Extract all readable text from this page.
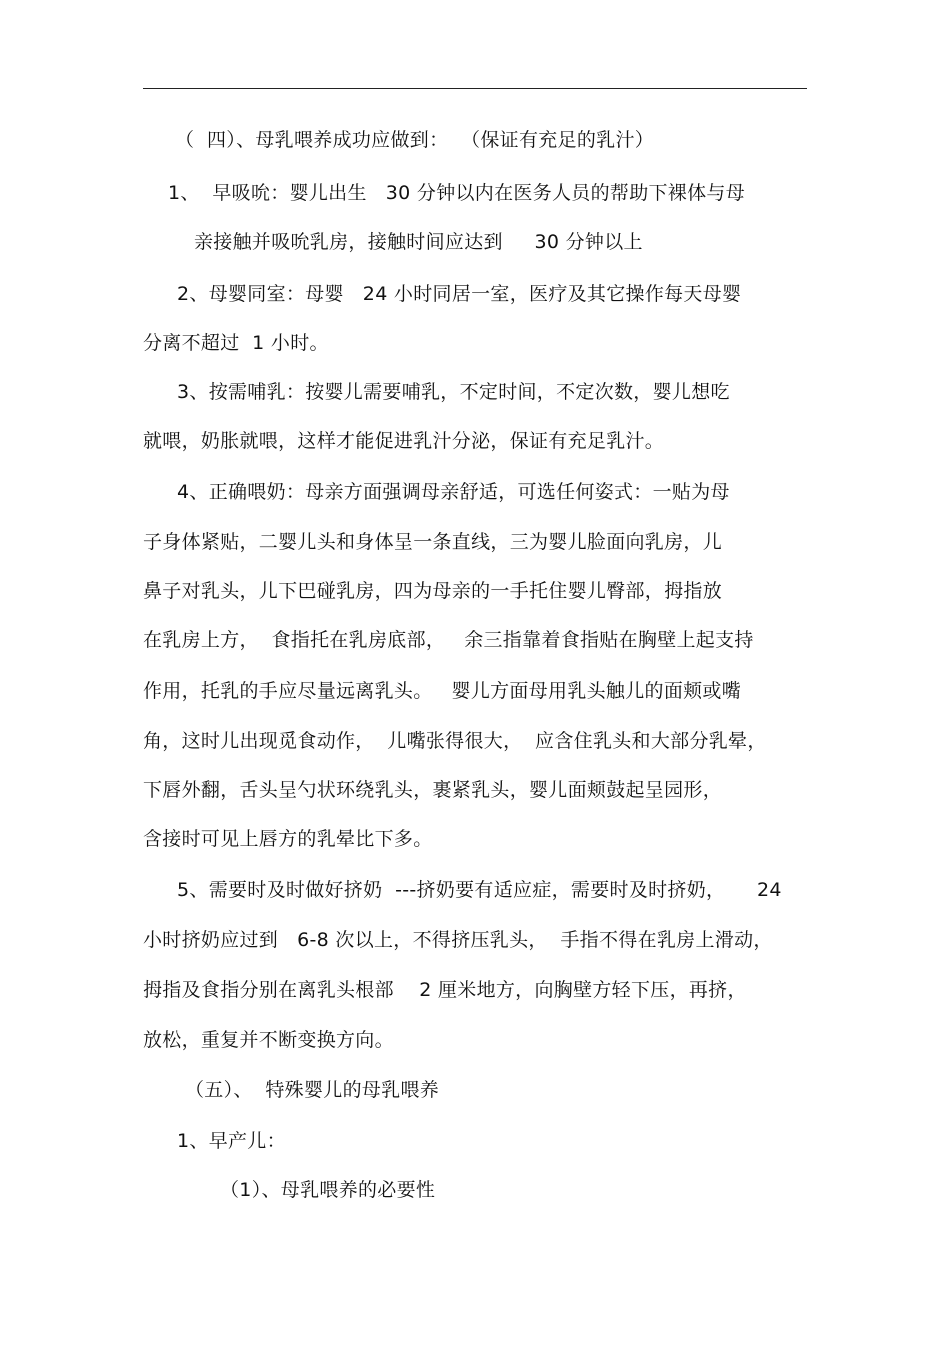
（  四）、母乳喂养成功应做到：  （保证有充足的乳汁）
1、  早吸吮：婴儿出生   30 分钟以内在医务人员的帮助下裸体与母
亲接触并吸吮乳房，接触时间应达到     30 分钟以上
2、母婴同室：母婴   24 小时同居一室，医疗及其它操作每天母婴
分离不超过  1 小时。
3、按需哺乳：按婴儿需要哺乳，不定时间，不定次数，婴儿想吃
就喂，奶胀就喂，这样才能促进乳汁分泌，保证有充足乳汁。
4、正确喂奶：母亲方面强调母亲舒适，可选任何姿式：一贴为母
子身体紧贴，二婴儿头和身体呈一条直线，三为婴儿脸面向乳房，儿
鼻子对乳头，儿下巴碰乳房，四为母亲的一手托住婴儿臀部，拇指放
在乳房上方，  食指托在乳房底部，   余三指靠着食指贴在胸壁上起支持
作用，托乳的手应尽量远离乳头。   婴儿方面母用乳头触儿的面颊或嘴
角，这时儿出现觅食动作，  儿嘴张得很大，  应含住乳头和大部分乳晕，
下唇外翻，舌头呈勺状环绕乳头，裹紧乳头，婴儿面颊鼓起呈园形，
含接时可见上唇方的乳晕比下多。
5、需要时及时做好挤奶  ---挤奶要有适应症，需要时及时挤奶，     24
小时挤奶应过到   6-8 次以上，不得挤压乳头，  手指不得在乳房上滑动，
拇指及食指分别在离乳头根部    2 厘米地方，向胸壁方轻下压，再挤，
放松，重复并不断变换方向。
（五）、  特殊婴儿的母乳喂养
1、早产儿：
（1）、母乳喂养的必要性
